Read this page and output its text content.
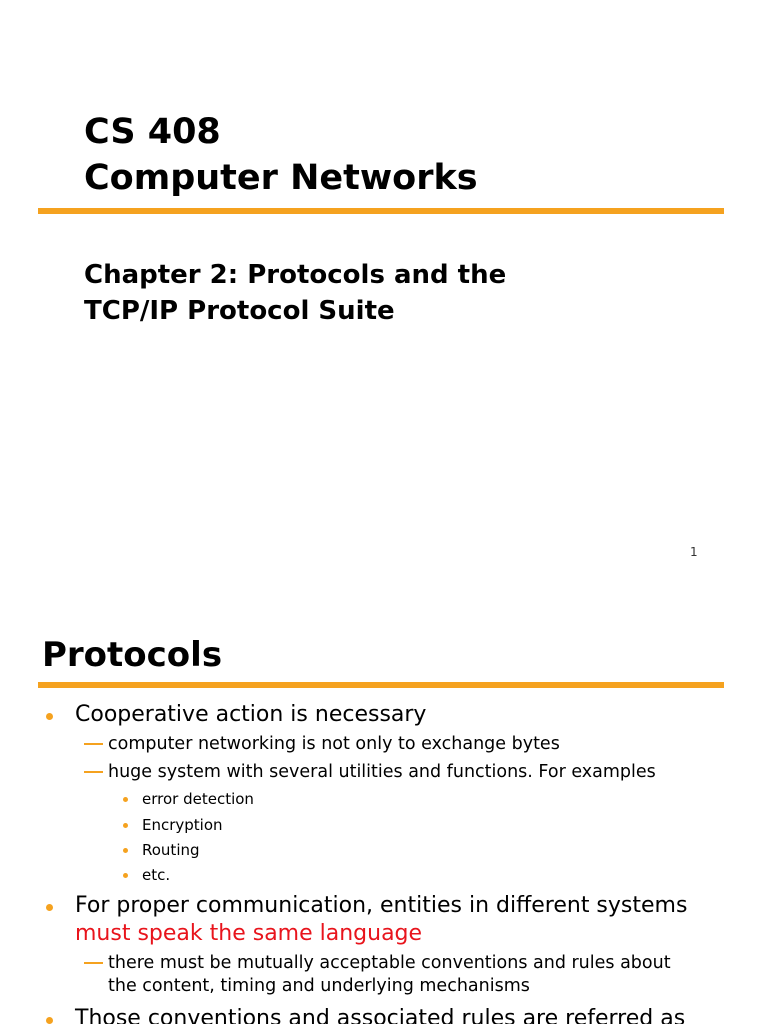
CS 408
Computer Networks
Chapter 2: Protocols and the
TCP/IP Protocol Suite
1
Protocols
Cooperative action is necessary
computer networking is not only to exchange bytes
huge system with several utilities and functions. For examples
error detection
Encryption
Routing
etc.
For proper communication, entities in different systems
must speak the same language
there must be mutually acceptable conventions and rules about
the content, timing and underlying mechanisms
Those conventions and associated rules are referred as
